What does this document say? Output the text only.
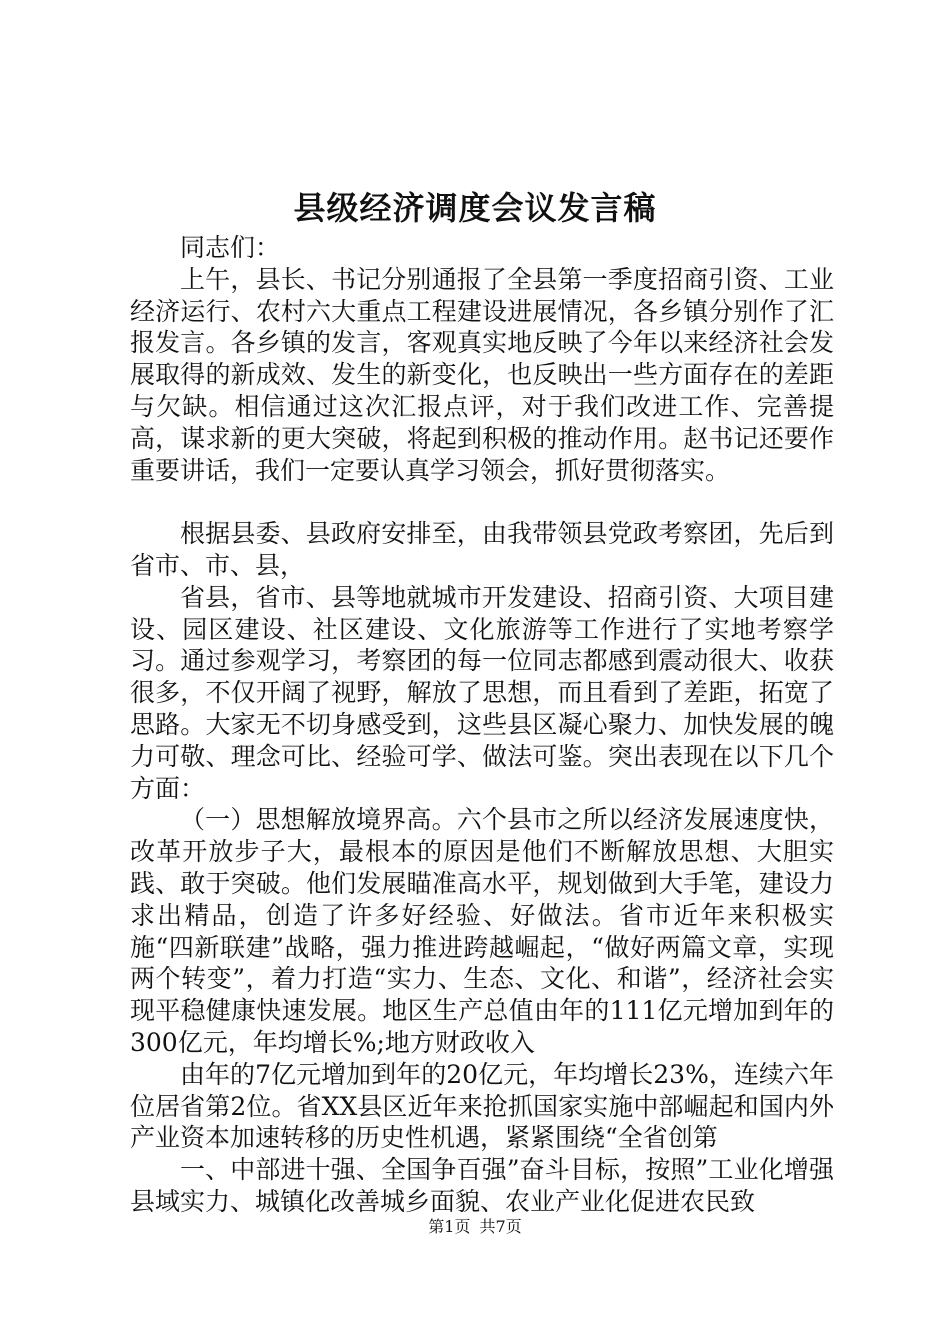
县级经济调度会议发言稿

同志们：

上午，县长、书记分别通报了全县第一季度招商引资、工业经济运行、农村六大重点工程建设进展情况，各乡镇分别作了汇报发言。各乡镇的发言，客观真实地反映了今年以来经济社会发展取得的新成效、发生的新变化，也反映出一些方面存在的差距与欠缺。相信通过这次汇报点评，对于我们改进工作、完善提高，谋求新的更大突破，将起到积极的推动作用。赵书记还要作重要讲话，我们一定要认真学习领会，抓好贯彻落实。

根据县委、县政府安排至，由我带领县党政考察团，先后到省市、市、县，

省县，省市、县等地就城市开发建设、招商引资、大项目建设、园区建设、社区建设、文化旅游等工作进行了实地考察学习。通过参观学习，考察团的每一位同志都感到震动很大、收获很多，不仅开阔了视野，解放了思想，而且看到了差距，拓宽了思路。大家无不切身感受到，这些县区凝心聚力、加快发展的魄力可敬、理念可比、经验可学、做法可鉴。突出表现在以下几个方面：

（一）思想解放境界高。六个县市之所以经济发展速度快，改革开放步子大，最根本的原因是他们不断解放思想、大胆实践、敢于突破。他们发展瞄准高水平，规划做到大手笔，建设力求出精品，创造了许多好经验、好做法。省市近年来积极实施“四新联建”战略，强力推进跨越崛起，“做好两篇文章，实现两个转变”，着力打造“实力、生态、文化、和谐”，经济社会实现平稳健康快速发展。地区生产总值由年的111亿元增加到年的300亿元，年均增长%;地方财政收入

由年的7亿元增加到年的20亿元，年均增长23%，连续六年位居省第2位。省XX县区近年来抢抓国家实施中部崛起和国内外产业资本加速转移的历史性机遇，紧紧围绕“全省创第

一、中部进十强、全国争百强”奋斗目标，按照”工业化增强县域实力、城镇化改善城乡面貌、农业产业化促进农民致

第1页 共7页
